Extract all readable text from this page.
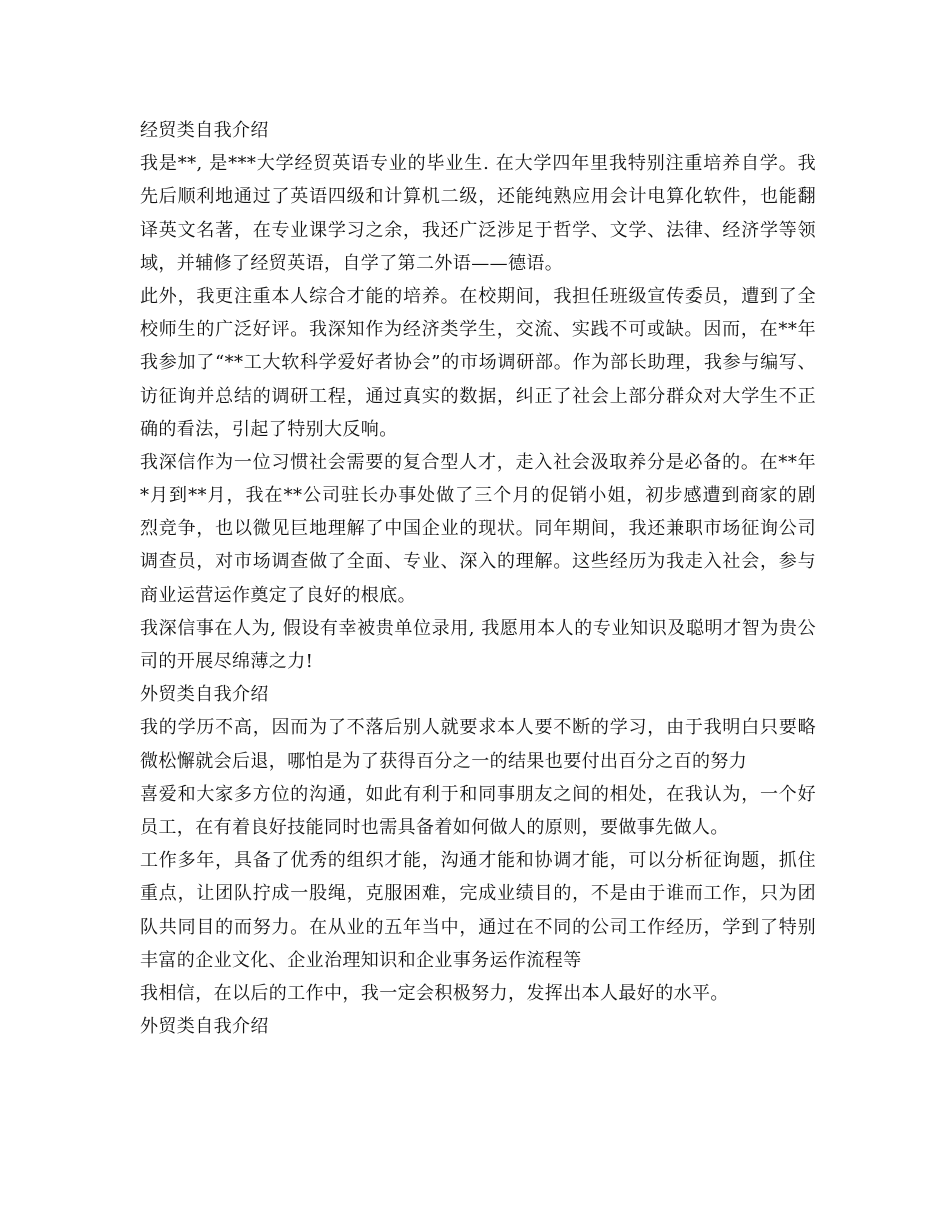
经贸类自我介绍
我是**, 是***大学经贸英语专业的毕业生. 在大学四年里我特别注重培养自学。我
先后顺利地通过了英语四级和计算机二级，还能纯熟应用会计电算化软件，也能翻
译英文名著，在专业课学习之余，我还广泛涉足于哲学、文学、法律、经济学等领
域，并辅修了经贸英语，自学了第二外语——德语。
此外，我更注重本人综合才能的培养。在校期间，我担任班级宣传委员，遭到了全
校师生的广泛好评。我深知作为经济类学生，交流、实践不可或缺。因而，在**年
我参加了“**工大软科学爱好者协会”的市场调研部。作为部长助理，我参与编写、
访征询并总结的调研工程，通过真实的数据，纠正了社会上部分群众对大学生不正
确的看法，引起了特别大反响。
我深信作为一位习惯社会需要的复合型人才，走入社会汲取养分是必备的。在**年
*月到**月，我在**公司驻长办事处做了三个月的促销小姐，初步感遭到商家的剧
烈竞争，也以微见巨地理解了中国企业的现状。同年期间，我还兼职市场征询公司
调查员，对市场调查做了全面、专业、深入的理解。这些经历为我走入社会，参与
商业运营运作奠定了良好的根底。
我深信事在人为, 假设有幸被贵单位录用, 我愿用本人的专业知识及聪明才智为贵公
司的开展尽绵薄之力!
外贸类自我介绍
我的学历不高，因而为了不落后别人就要求本人要不断的学习，由于我明白只要略
微松懈就会后退，哪怕是为了获得百分之一的结果也要付出百分之百的努力
喜爱和大家多方位的沟通，如此有利于和同事朋友之间的相处，在我认为，一个好
员工，在有着良好技能同时也需具备着如何做人的原则，要做事先做人。
工作多年，具备了优秀的组织才能，沟通才能和协调才能，可以分析征询题，抓住
重点，让团队拧成一股绳，克服困难，完成业绩目的，不是由于谁而工作，只为团
队共同目的而努力。在从业的五年当中，通过在不同的公司工作经历，学到了特别
丰富的企业文化、企业治理知识和企业事务运作流程等
我相信，在以后的工作中，我一定会积极努力，发挥出本人最好的水平。
外贸类自我介绍
